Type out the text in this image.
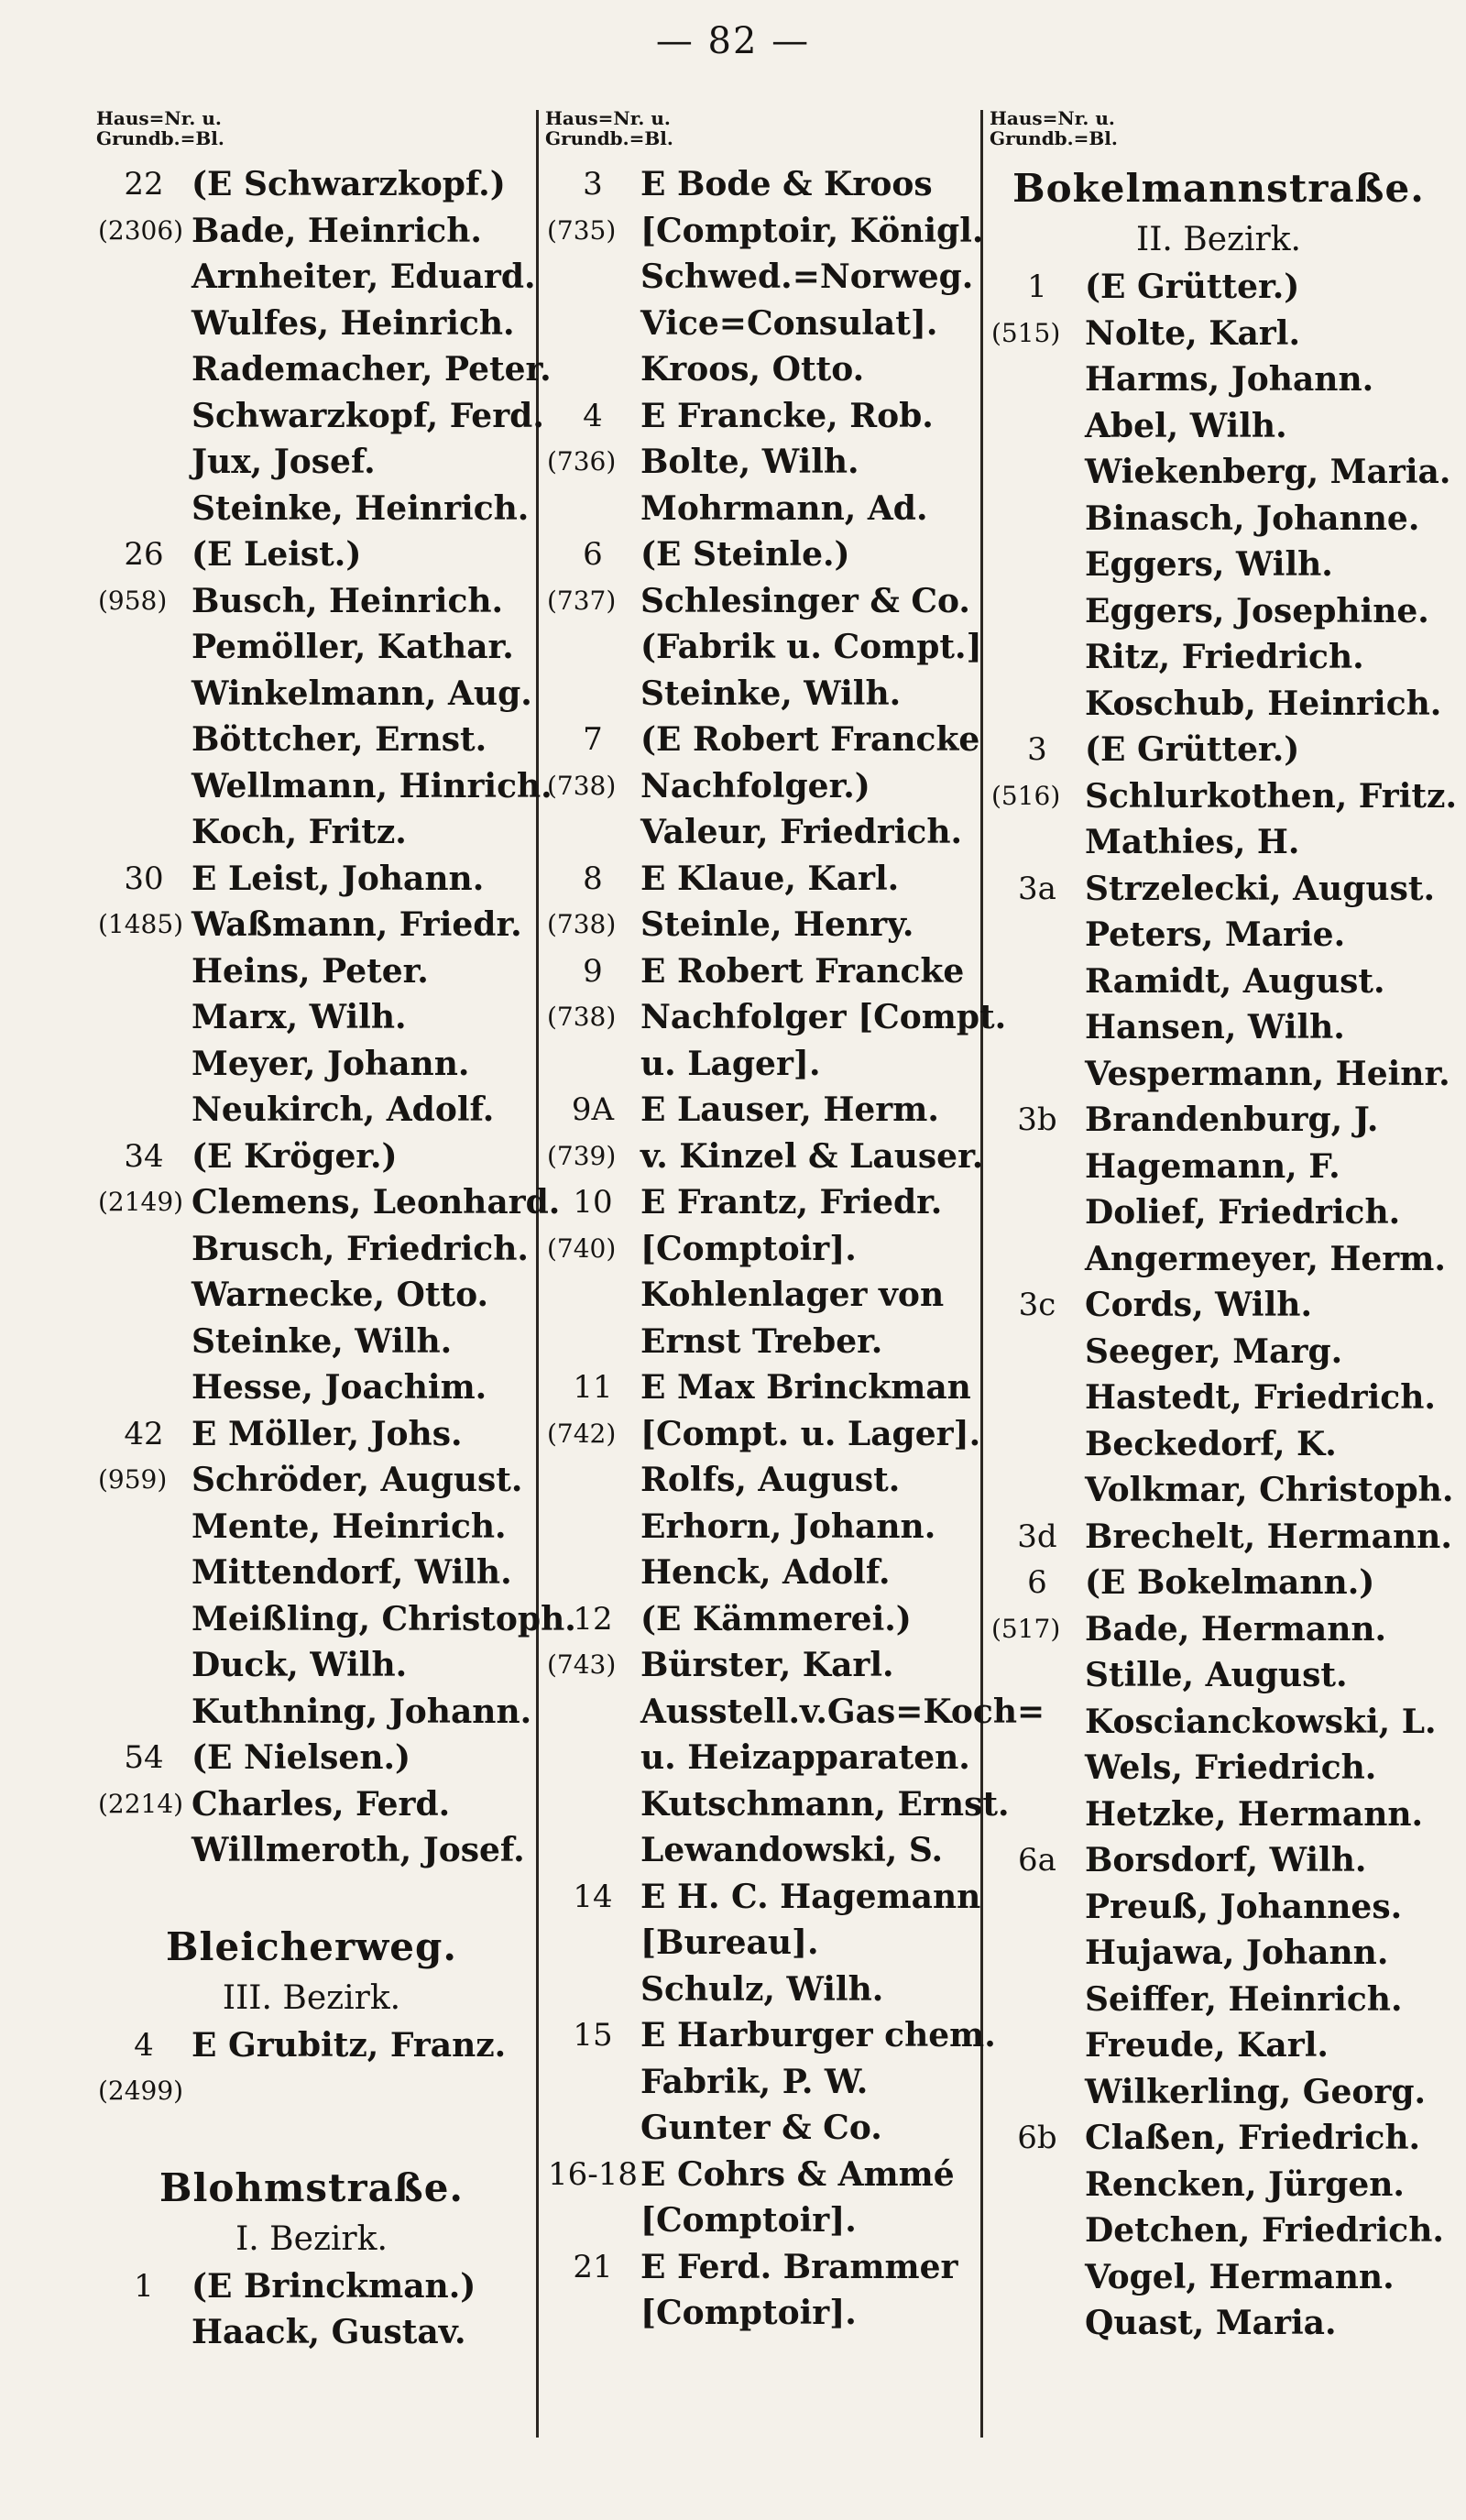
— 82 —
Haus=Nr. u.
Grundb.=Bl.
22 (E Schwarzkopf.)
(2306) Bade, Heinrich.
Arnheiter, Eduard.
Wulfes, Heinrich.
Rademacher, Peter.
Schwarzkopf, Ferd.
Jux, Josef.
Steinke, Heinrich.
26 (E Leist.)
(958) Busch, Heinrich.
Pemöller, Kathar.
Winkelmann, Aug.
Böttcher, Ernst.
Wellmann, Hinrich.
Koch, Fritz.
30 E Leist, Johann.
(1485) Waßmann, Friedr.
Heins, Peter.
Marx, Wilh.
Meyer, Johann.
Neukirch, Adolf.
34 (E Kröger.)
(2149) Clemens, Leonhard.
Brusch, Friedrich.
Warnecke, Otto.
Steinke, Wilh.
Hesse, Joachim.
42 E Möller, Johs.
(959) Schröder, August.
Mente, Heinrich.
Mittendorf, Wilh.
Meißling, Christoph.
Duck, Wilh.
Kuthning, Johann.
54 (E Nielsen.)
(2214) Charles, Ferd.
Willmeroth, Josef.
Bleicherweg.
III. Bezirk.
4	E Grubitz, Franz.
(2499)
Blohmstraße.
I. Bezirk.
1	(E Brinckman.)
Haack, Gustav.
Haus=Nr. u.
Grundb.=Bl.
3	E Bode & Kroos
(735) [Comptoir, Königl.
Schwed.=Norweg.
Vice=Consulat].
Kroos, Otto.
4	E Francke, Rob.
(736) Bolte, Wilh.
Mohrmann, Ad.
6	(E Steinle.)
(737) Schlesinger & Co.
(Fabrik u. Compt.]
Steinke, Wilh.
7	(E Robert Francke
(738) Nachfolger.)
Valeur, Friedrich.
8	E Klaue, Karl.
(738) Steinle, Henry.
9	E Robert Francke
(738) Nachfolger [Compt.
u. Lager].
9A E Lauser, Herm.
(739) v. Kinzel & Lauser.
10 E Frantz, Friedr.
(740) [Comptoir].
Kohlenlager von
Ernst Treber.
11 E Max Brinckman
(742) [Compt. u. Lager].
Rolfs, August.
Erhorn, Johann.
Henck, Adolf.
12 (E Kämmerei.)
(743) Bürster, Karl.
Ausstell.v.Gas=Koch=
u. Heizapparaten.
Kutschmann, Ernst.
Lewandowski, S.
14 E H. C. Hagemann
[Bureau].
Schulz, Wilh.
15 E Harburger chem.
Fabrik, P. W.
Gunter & Co.
16-18 E Cohrs & Ammé
[Comptoir].
21 E Ferd. Brammer
[Comptoir].
Haus=Nr. u.
Grundb.=Bl.
Bokelmannstraße.
II. Bezirk.
1	(E Grütter.)
(515) Nolte, Karl.
Harms, Johann.
Abel, Wilh.
Wiekenberg, Maria.
Binasch, Johanne.
Eggers, Wilh.
Eggers, Josephine.
Ritz, Friedrich.
Koschub, Heinrich.
3	(E Grütter.)
(516) Schlurkothen, Fritz.
Mathies, H.
3a Strzelecki, August.
Peters, Marie.
Ramidt, August.
Hansen, Wilh.
Vespermann, Heinr.
3b Brandenburg, J.
Hagemann, F.
Dolief, Friedrich.
Angermeyer, Herm.
3c Cords, Wilh.
Seeger, Marg.
Hastedt, Friedrich.
Beckedorf, K.
Volkmar, Christoph.
3d Brechelt, Hermann.
6	(E Bokelmann.)
(517) Bade, Hermann.
Stille, August.
Koscianckowski, L.
Wels, Friedrich.
Hetzke, Hermann.
6a Borsdorf, Wilh.
Preuß, Johannes.
Hujawa, Johann.
Seiffer, Heinrich.
Freude, Karl.
Wilkerling, Georg.
6b Claßen, Friedrich.
Rencken, Jürgen.
Detchen, Friedrich.
Vogel, Hermann.
Quast, Maria.
